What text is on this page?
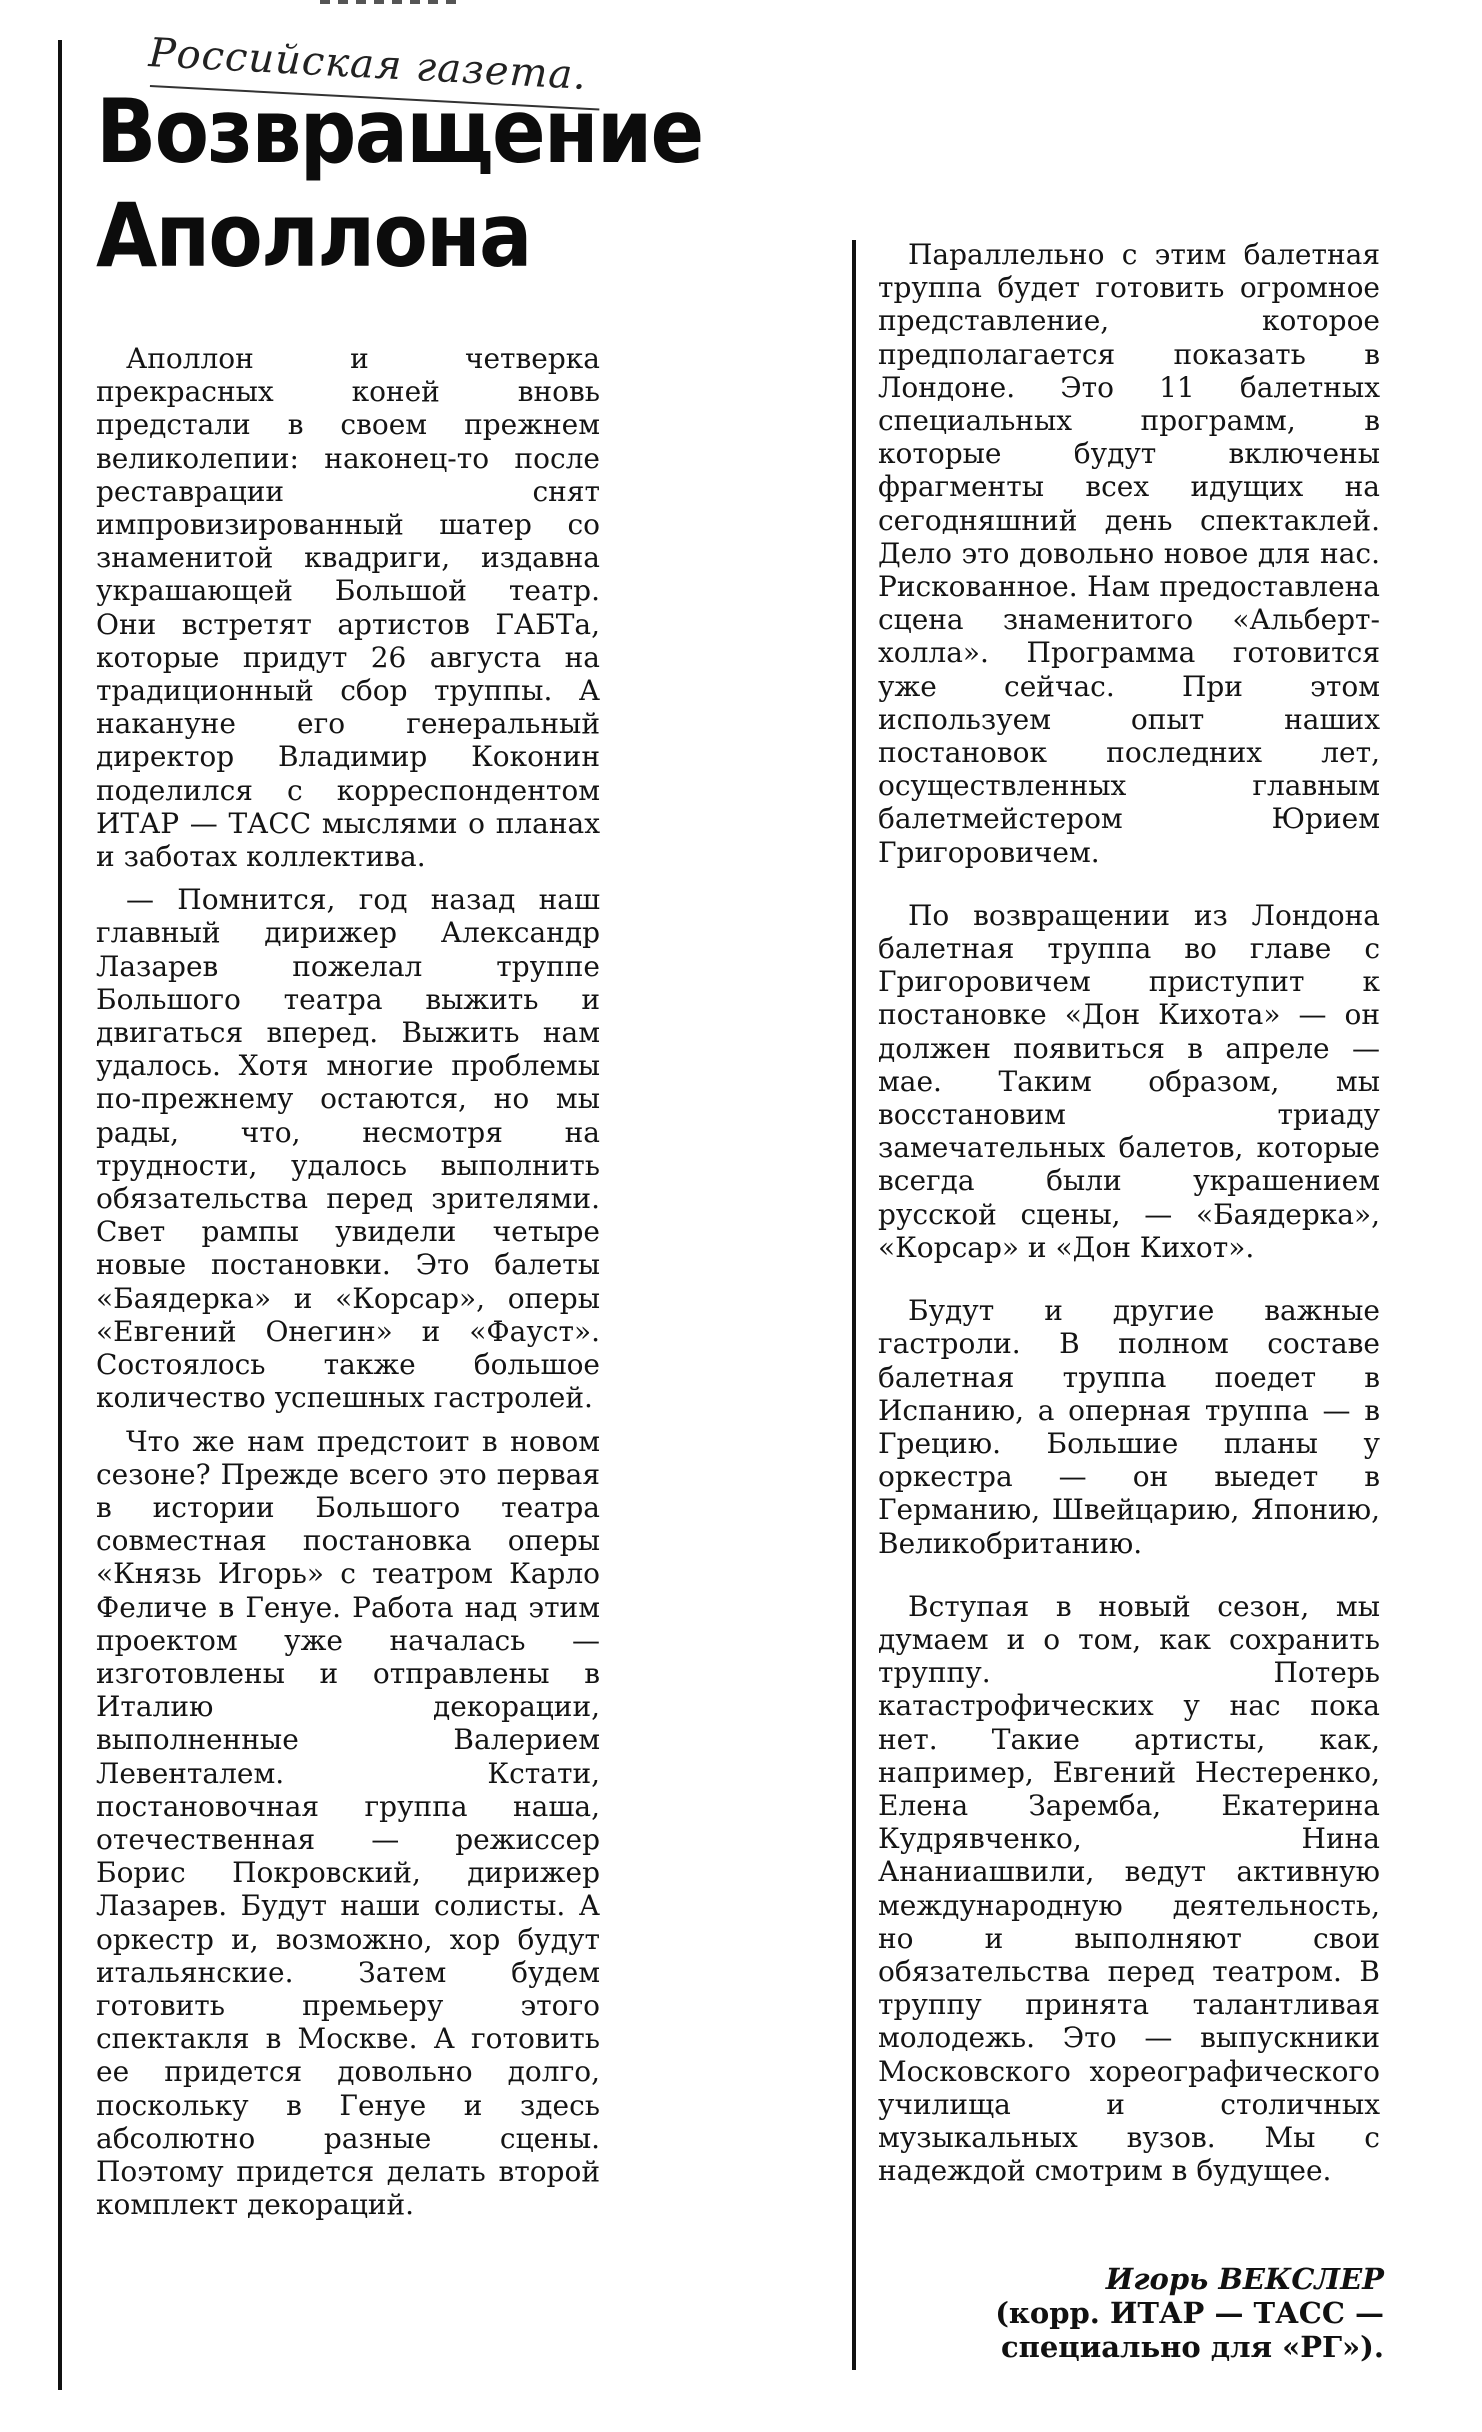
Российская газета.
Возвращение
Аполлона

Аполлон и четверка прекрасных коней вновь предстали в своем прежнем великолепии: наконец-то после реставрации снят импровизированный шатер со знаменитой квадриги, издавна украшающей Большой театр. Они встретят артистов ГАБТа, которые придут 26 августа на традиционный сбор труппы. А накануне его генеральный директор Владимир Коконин поделился с корреспондентом ИТАР — ТАСС мыслями о планах и заботах коллектива.

— Помнится, год назад наш главный дирижер Александр Лазарев пожелал труппе Большого театра выжить и двигаться вперед. Выжить нам удалось. Хотя многие проблемы по-прежнему остаются, но мы рады, что, несмотря на трудности, удалось выполнить обязательства перед зрителями. Свет рампы увидели четыре новые постановки. Это балеты «Баядерка» и «Корсар», оперы «Евгений Онегин» и «Фауст». Состоялось также большое количество успешных гастролей.

Что же нам предстоит в новом сезоне? Прежде всего это первая в истории Большого театра совместная постановка оперы «Князь Игорь» с театром Карло Феличе в Генуе. Работа над этим проектом уже началась — изготовлены и отправлены в Италию декорации, выполненные Валерием Левенталем. Кстати, постановочная группа наша, отечественная — режиссер Борис Покровский, дирижер Лазарев. Будут наши солисты. А оркестр и, возможно, хор будут итальянские. Затем будем готовить премьеру этого спектакля в Москве. А готовить ее придется довольно долго, поскольку в Генуе и здесь абсолютно разные сцены. Поэтому придется делать второй комплект декораций.

Параллельно с этим балетная труппа будет готовить огромное представление, которое предполагается показать в Лондоне. Это 11 балетных специальных программ, в которые будут включены фрагменты всех идущих на сегодняшний день спектаклей. Дело это довольно новое для нас. Рискованное. Нам предоставлена сцена знаменитого «Альберт-холла». Программа готовится уже сейчас. При этом используем опыт наших постановок последних лет, осуществленных главным балетмейстером Юрием Григоровичем.

По возвращении из Лондона балетная труппа во главе с Григоровичем приступит к постановке «Дон Кихота» — он должен появиться в апреле — мае. Таким образом, мы восстановим триаду замечательных балетов, которые всегда были украшением русской сцены, — «Баядерка», «Корсар» и «Дон Кихот».

Будут и другие важные гастроли. В полном составе балетная труппа поедет в Испанию, а оперная труппа — в Грецию. Большие планы у оркестра — он выедет в Германию, Швейцарию, Японию, Великобританию.

Вступая в новый сезон, мы думаем и о том, как сохранить труппу. Потерь катастрофических у нас пока нет. Такие артисты, как, например, Евгений Нестеренко, Елена Заремба, Екатерина Кудрявченко, Нина Ананиашвили, ведут активную международную деятельность, но и выполняют свои обязательства перед театром. В труппу принята талантливая молодежь. Это — выпускники Московского хореографического училища и столичных музыкальных вузов. Мы с надеждой смотрим в будущее.

Игорь ВЕКСЛЕР
(корр. ИТАР — ТАСС —
специально для «РГ»).
